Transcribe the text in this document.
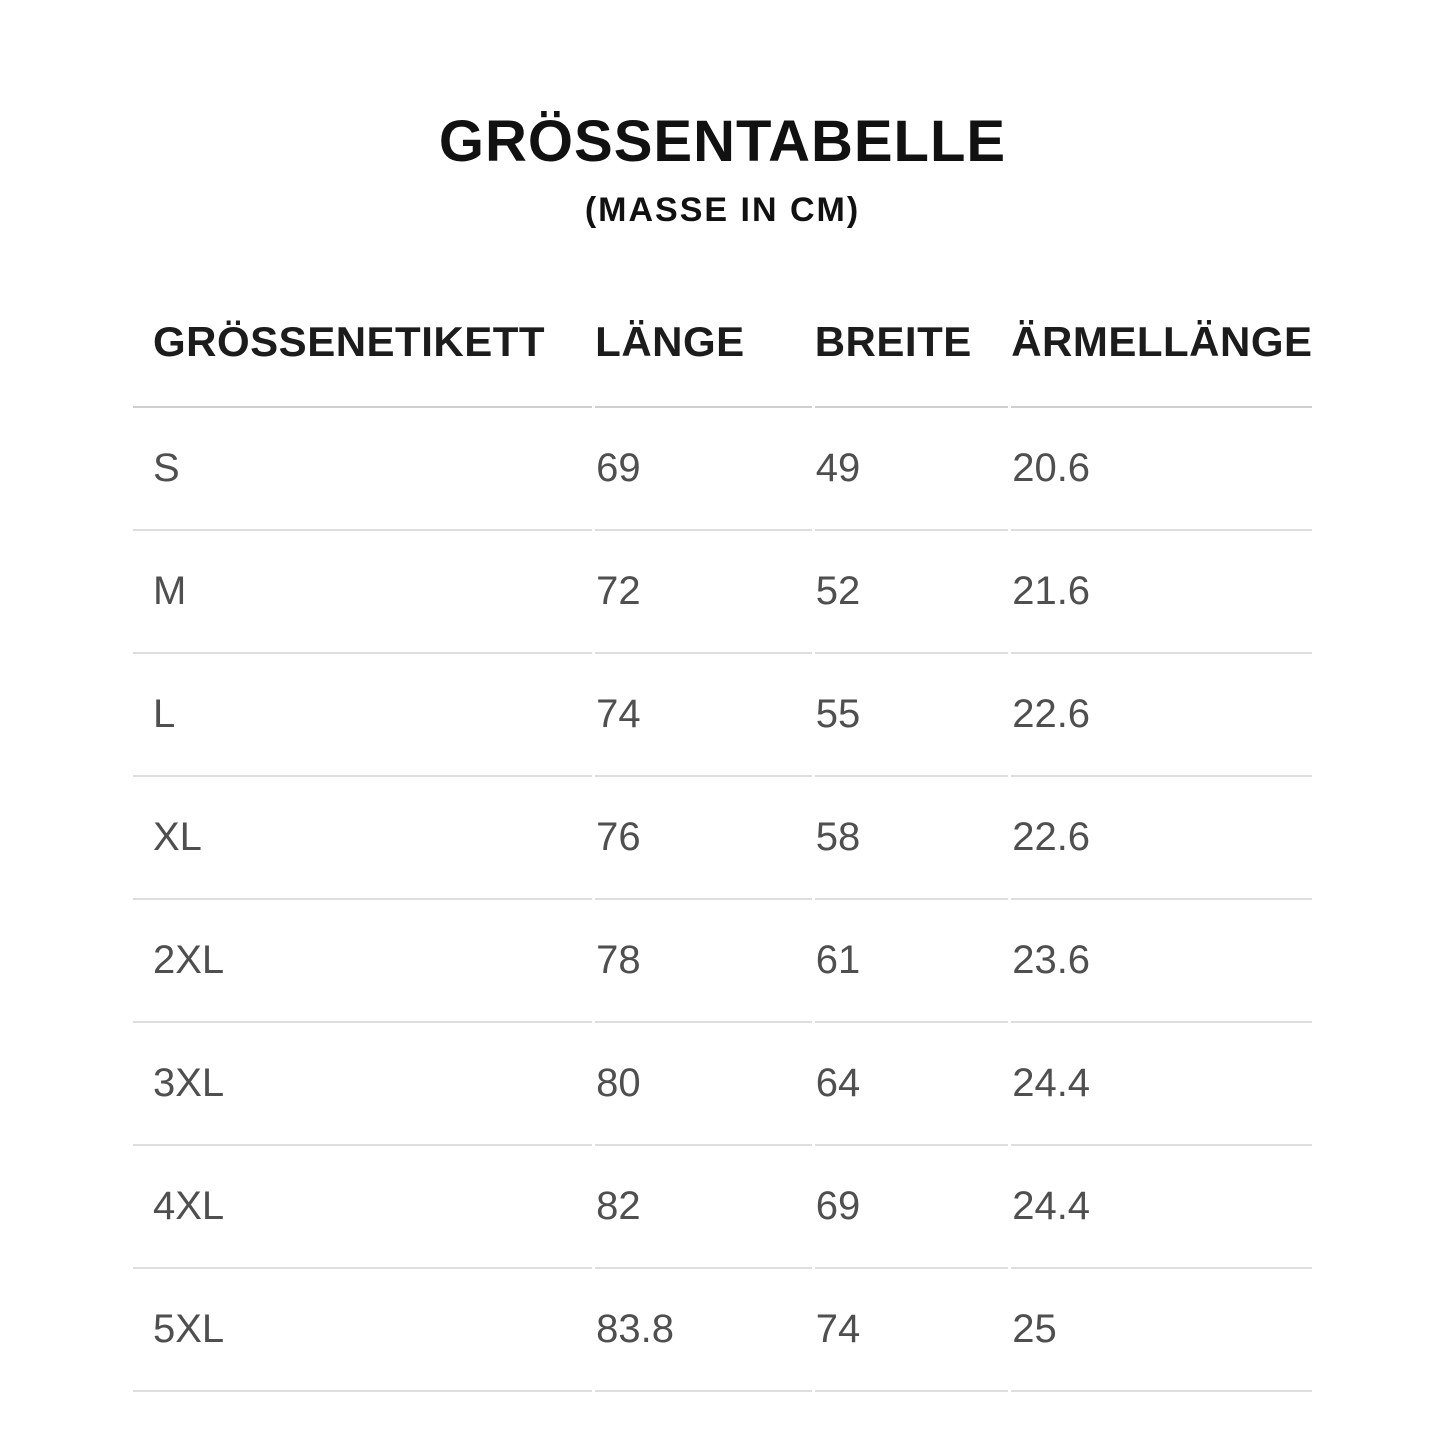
GRÖSSENTABELLE
(MASSE IN CM)
GRÖSSENETIKETT	LÄNGE	BREITE	ÄRMELLÄNGE
S	69	49	20.6
M	72	52	21.6
L	74	55	22.6
XL	76	58	22.6
2XL	78	61	23.6
3XL	80	64	24.4
4XL	82	69	24.4
5XL	83.8	74	25
